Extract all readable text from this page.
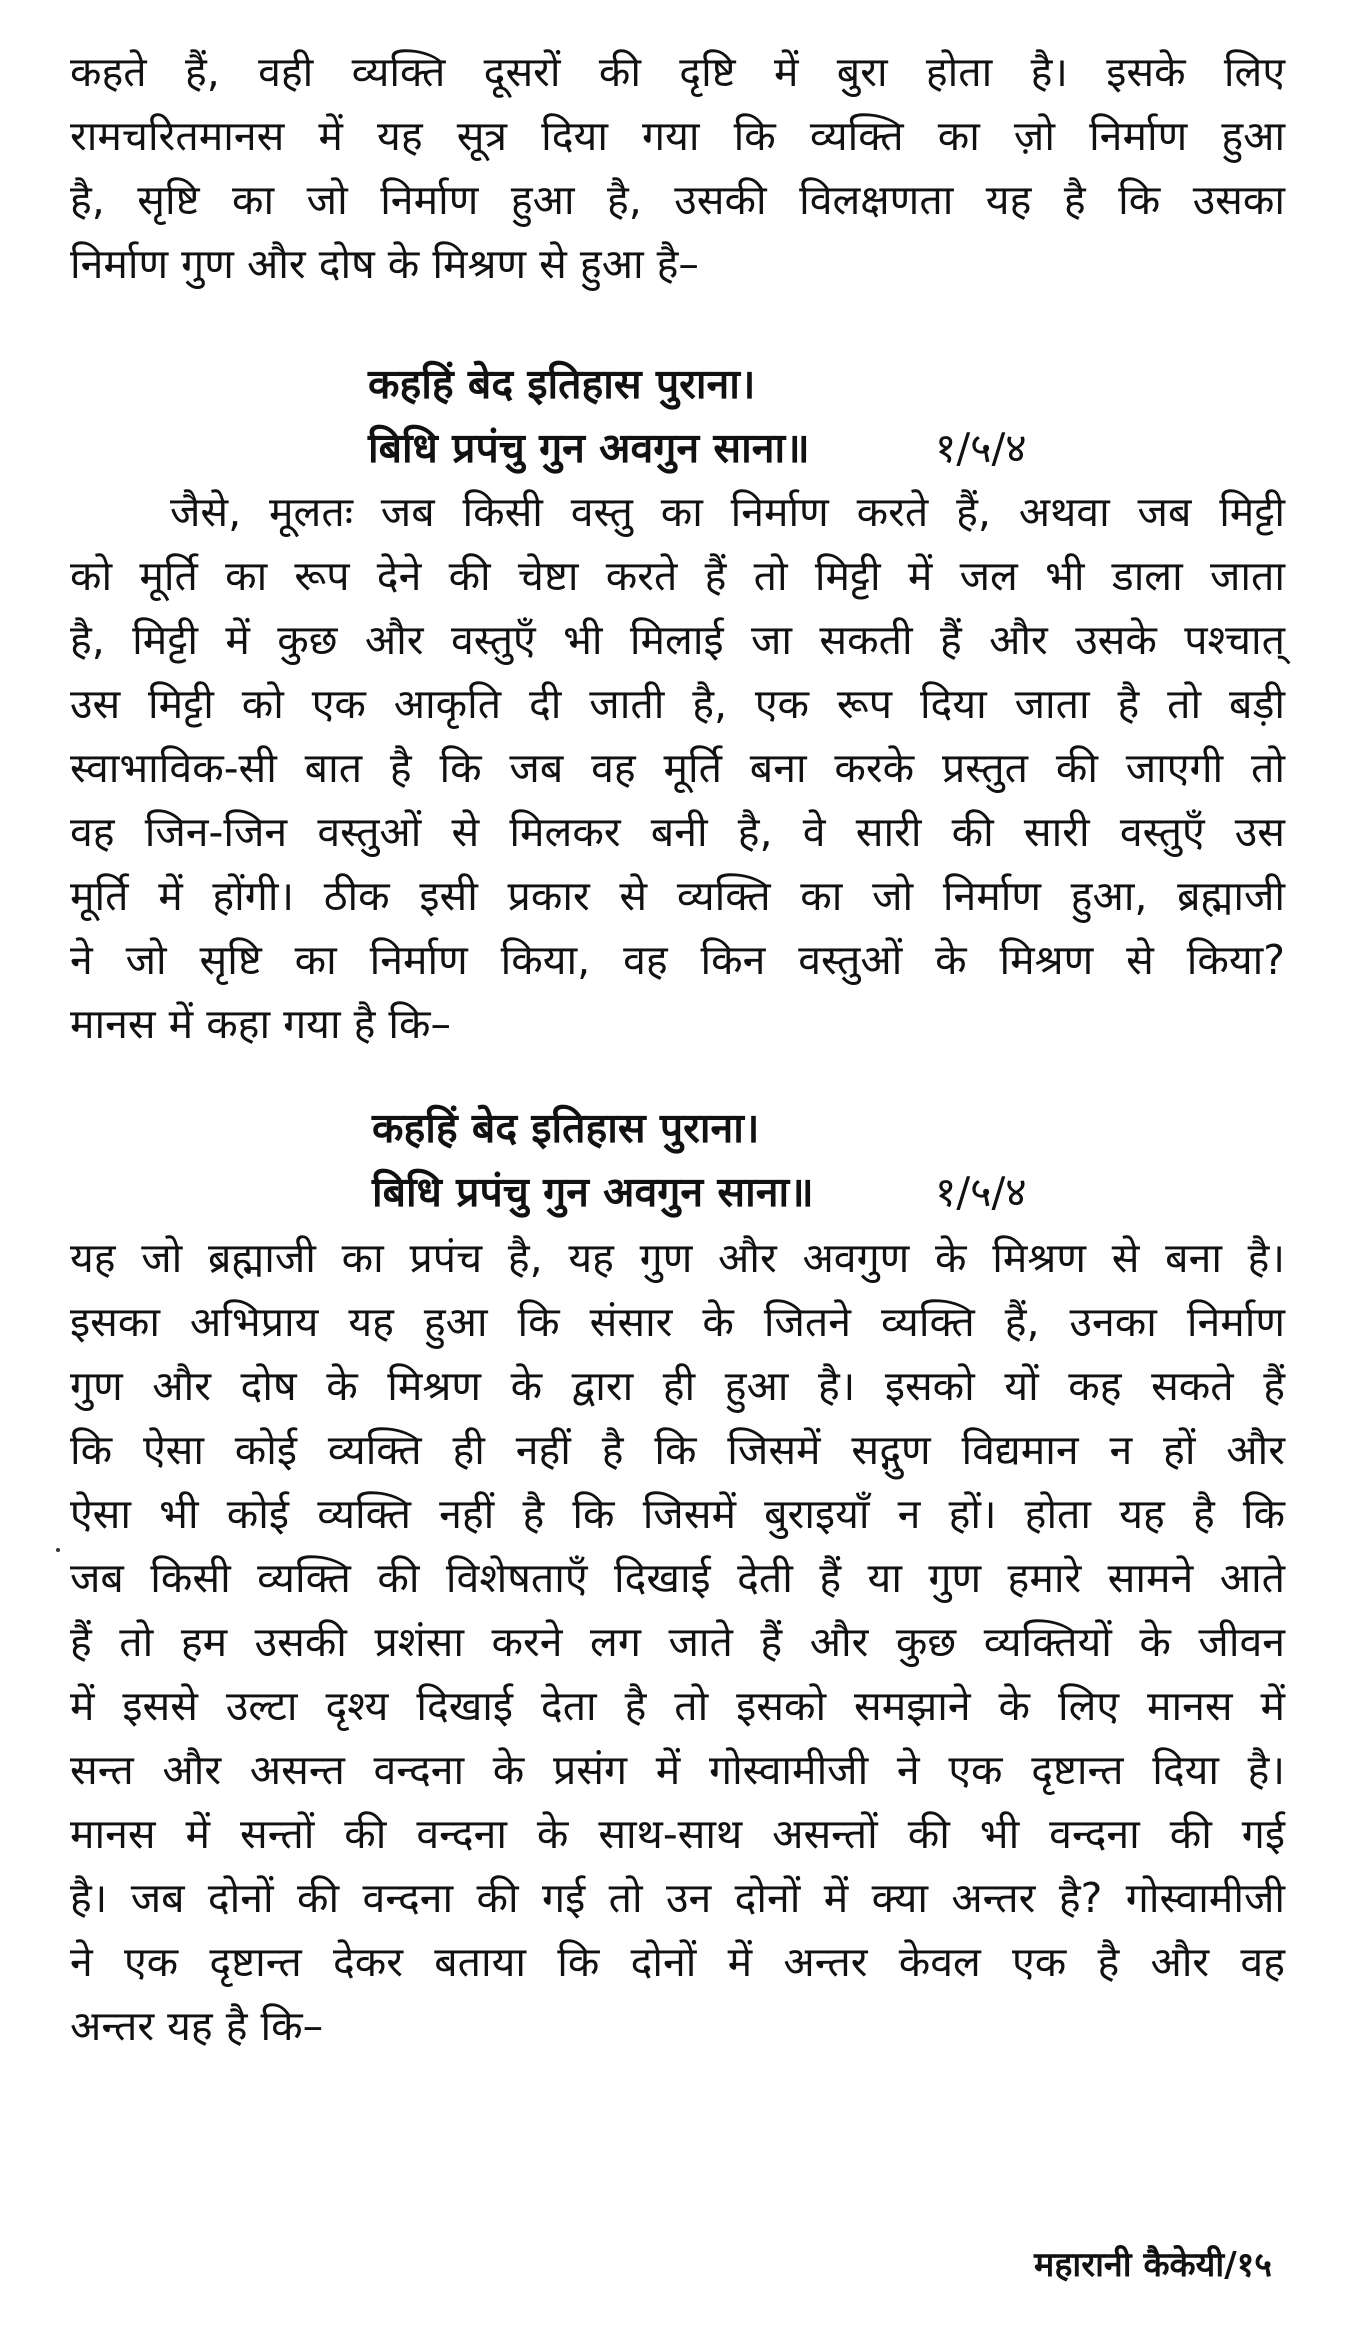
कहते हैं, वही व्यक्ति दूसरों की दृष्टि में बुरा होता है। इसके लिए
रामचरितमानस में यह सूत्र दिया गया कि व्यक्ति का ज़ो निर्माण हुआ
है, सृष्टि का जो निर्माण हुआ है, उसकी विलक्षणता यह है कि उसका
निर्माण गुण और दोष के मिश्रण से हुआ है–
कहहिं बेद इतिहास पुराना।
बिधि प्रपंचु गुन अवगुन साना॥	१/५/४
जैसे, मूलतः जब किसी वस्तु का निर्माण करते हैं, अथवा जब मिट्टी
को मूर्ति का रूप देने की चेष्टा करते हैं तो मिट्टी में जल भी डाला जाता
है, मिट्टी में कुछ और वस्तुएँ भी मिलाई जा सकती हैं और उसके पश्चात्
उस मिट्टी को एक आकृति दी जाती है, एक रूप दिया जाता है तो बड़ी
स्वाभाविक-सी बात है कि जब वह मूर्ति बना करके प्रस्तुत की जाएगी तो
वह जिन-जिन वस्तुओं से मिलकर बनी है, वे सारी की सारी वस्तुएँ उस
मूर्ति में होंगी। ठीक इसी प्रकार से व्यक्ति का जो निर्माण हुआ, ब्रह्माजी
ने जो सृष्टि का निर्माण किया, वह किन वस्तुओं के मिश्रण से किया?
मानस में कहा गया है कि–
कहहिं बेद इतिहास पुराना।
बिधि प्रपंचु गुन अवगुन साना॥	१/५/४
यह जो ब्रह्माजी का प्रपंच है, यह गुण और अवगुण के मिश्रण से बना है।
इसका अभिप्राय यह हुआ कि संसार के जितने व्यक्ति हैं, उनका निर्माण
गुण और दोष के मिश्रण के द्वारा ही हुआ है। इसको यों कह सकते हैं
कि ऐसा कोई व्यक्ति ही नहीं है कि जिसमें सद्गुण विद्यमान न हों और
ऐसा भी कोई व्यक्ति नहीं है कि जिसमें बुराइयाँ न हों। होता यह है कि
जब किसी व्यक्ति की विशेषताएँ दिखाई देती हैं या गुण हमारे सामने आते
हैं तो हम उसकी प्रशंसा करने लग जाते हैं और कुछ व्यक्तियों के जीवन
में इससे उल्टा दृश्य दिखाई देता है तो इसको समझाने के लिए मानस में
सन्त और असन्त वन्दना के प्रसंग में गोस्वामीजी ने एक दृष्टान्त दिया है।
मानस में सन्तों की वन्दना के साथ-साथ असन्तों की भी वन्दना की गई
है। जब दोनों की वन्दना की गई तो उन दोनों में क्या अन्तर है? गोस्वामीजी
ने एक दृष्टान्त देकर बताया कि दोनों में अन्तर केवल एक है और वह
अन्तर यह है कि–
महारानी कैकेयी/१५
